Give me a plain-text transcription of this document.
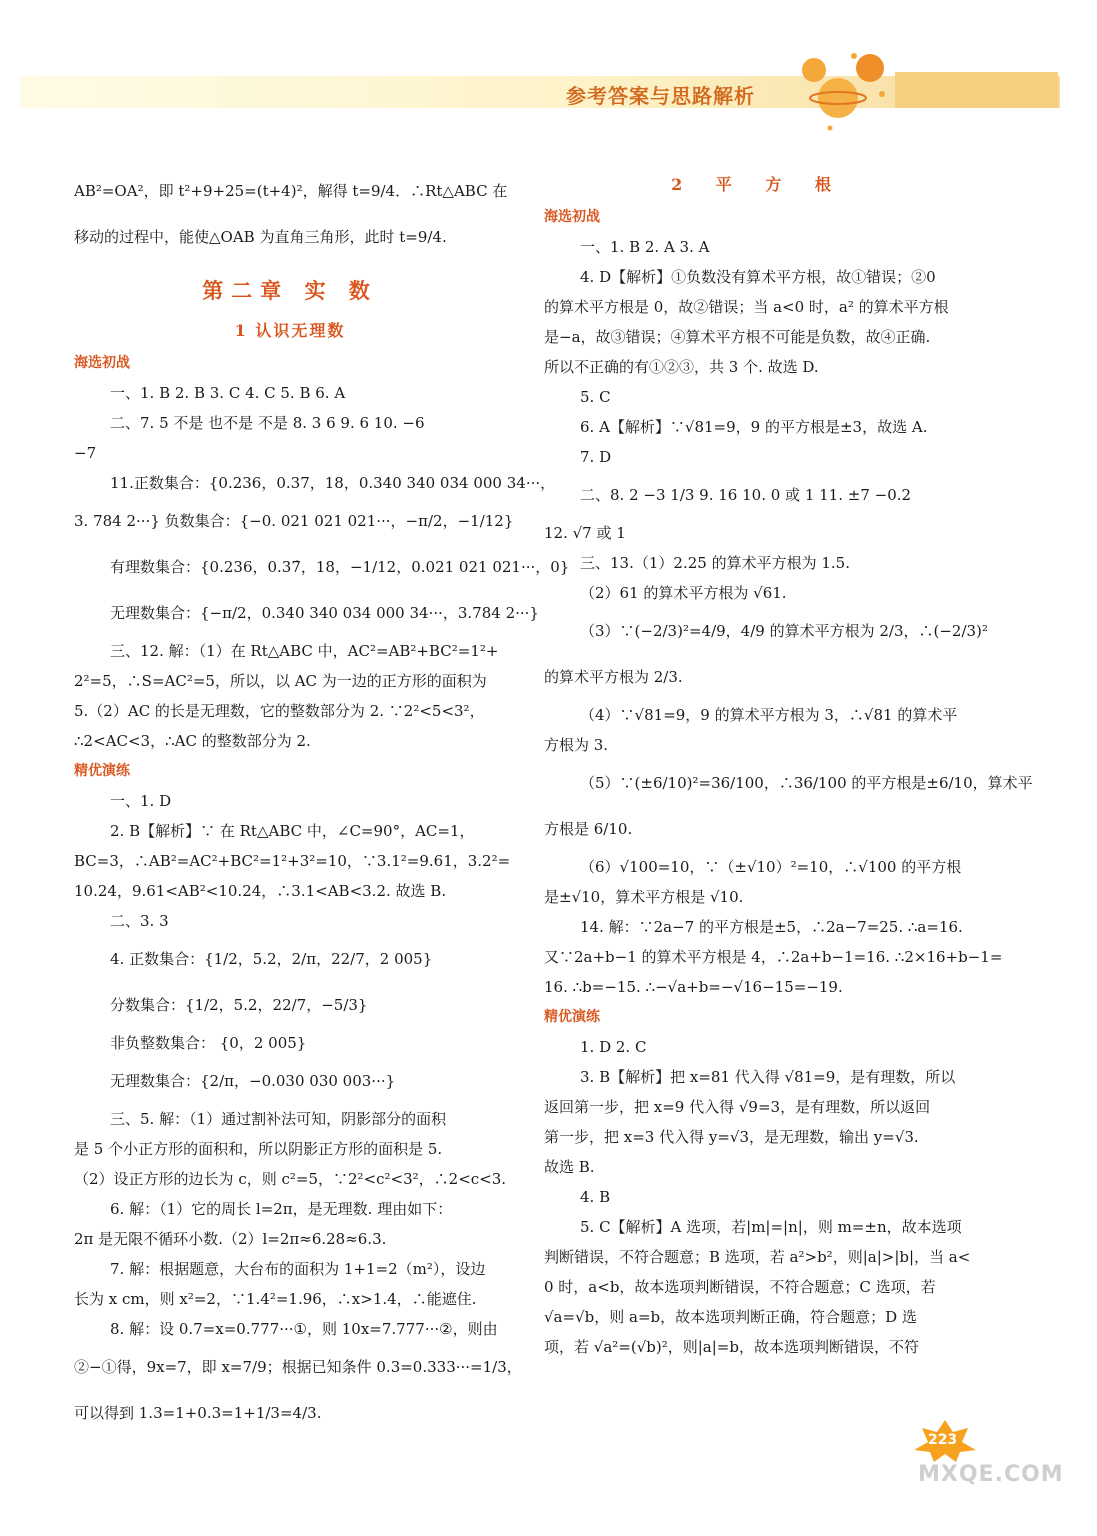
参考答案与思路解析
AB²=OA²，即 t²+9+25=(t+4)²，解得 t=9/4．∴Rt△ABC 在
移动的过程中，能使△OAB 为直角三角形，此时 t=9/4.
第二章 实 数
1 认识无理数
海选初战
一、1. B 2. B 3. C 4. C 5. B 6. A
二、7. 5 不是 也不是 不是 8. 3 6 9. 6 10. −6
−7
11.正数集合：{0.236，0.37，18，0.340 340 034 000 34···，
3. 784 2···} 负数集合：{−0. 021 021 021···，−π/2，−1/12}
有理数集合：{0.236，0.37̇，18，−1/12，0.021 021 021···，0}
无理数集合：{−π/2，0.340 340 034 000 34···，3.784 2···}
三、12. 解：（1）在 Rt△ABC 中，AC²=AB²+BC²=1²+
2²=5，∴S=AC²=5，所以，以 AC 为一边的正方形的面积为
5.（2）AC 的长是无理数，它的整数部分为 2. ∵2²<5<3²，
∴2<AC<3，∴AC 的整数部分为 2.
精优演练
一、1. D
2. B【解析】∵ 在 Rt△ABC 中，∠C=90°，AC=1，
BC=3，∴AB²=AC²+BC²=1²+3²=10，∵3.1²=9.61，3.2²=
10.24，9.61<AB²<10.24，∴3.1<AB<3.2. 故选 B.
二、3. 3
4. 正数集合：{1/2，5.2，2/π，22/7，2 005}
分数集合：{1/2，5.2，22/7，−5/3}
非负整数集合： {0，2 005}
无理数集合：{2/π，−0.030 030 003···}
三、5. 解：（1）通过割补法可知，阴影部分的面积
是 5 个小正方形的面积和，所以阴影正方形的面积是 5.
（2）设正方形的边长为 c，则 c²=5，∵2²<c²<3²，∴2<c<3.
6. 解：（1）它的周长 l=2π，是无理数. 理由如下：
2π 是无限不循环小数.（2）l=2π≈6.28≈6.3.
7. 解：根据题意，大台布的面积为 1+1=2（m²），设边
长为 x cm，则 x²=2，∵1.4²=1.96，∴x>1.4，∴能遮住.
8. 解：设 0.7=x=0.777···①，则 10x=7.777···②，则由
②−①得，9x=7，即 x=7/9；根据已知条件 0.3=0.333···=1/3，
可以得到 1.3=1+0.3=1+1/3=4/3.
2 平 方 根
海选初战
一、1. B 2. A 3. A
4. D【解析】①负数没有算术平方根，故①错误；②0
的算术平方根是 0，故②错误；当 a<0 时，a² 的算术平方根
是−a，故③错误；④算术平方根不可能是负数，故④正确.
所以不正确的有①②③，共 3 个. 故选 D.
5. C
6. A【解析】∵√81=9，9 的平方根是±3，故选 A.
7. D
二、8. 2 −3 1/3 9. 16 10. 0 或 1 11. ±7 −0.2
12. √7 或 1
三、13.（1）2.25 的算术平方根为 1.5.
（2）61 的算术平方根为 √61.
（3）∵(−2/3)²=4/9，4/9 的算术平方根为 2/3，∴(−2/3)²
的算术平方根为 2/3.
（4）∵√81=9，9 的算术平方根为 3，∴√81 的算术平
方根为 3.
（5）∵(±6/10)²=36/100，∴36/100 的平方根是±6/10，算术平
方根是 6/10.
（6）√100=10，∵（±√10）²=10，∴√100 的平方根
是±√10，算术平方根是 √10.
14. 解：∵2a−7 的平方根是±5，∴2a−7=25. ∴a=16.
又∵2a+b−1 的算术平方根是 4，∴2a+b−1=16. ∴2×16+b−1=
16. ∴b=−15. ∴−√a+b=−√16−15=−19.
精优演练
1. D 2. C
3. B【解析】把 x=81 代入得 √81=9，是有理数，所以
返回第一步，把 x=9 代入得 √9=3，是有理数，所以返回
第一步，把 x=3 代入得 y=√3，是无理数，输出 y=√3.
故选 B.
4. B
5. C【解析】A 选项，若|m|=|n|，则 m=±n，故本选项
判断错误，不符合题意；B 选项，若 a²>b²，则|a|>|b|，当 a<
0 时，a<b，故本选项判断错误，不符合题意；C 选项，若
√a=√b，则 a=b，故本选项判断正确，符合题意；D 选
项，若 √a²=(√b)²，则|a|=b，故本选项判断错误，不符
223
MXQE.COM
